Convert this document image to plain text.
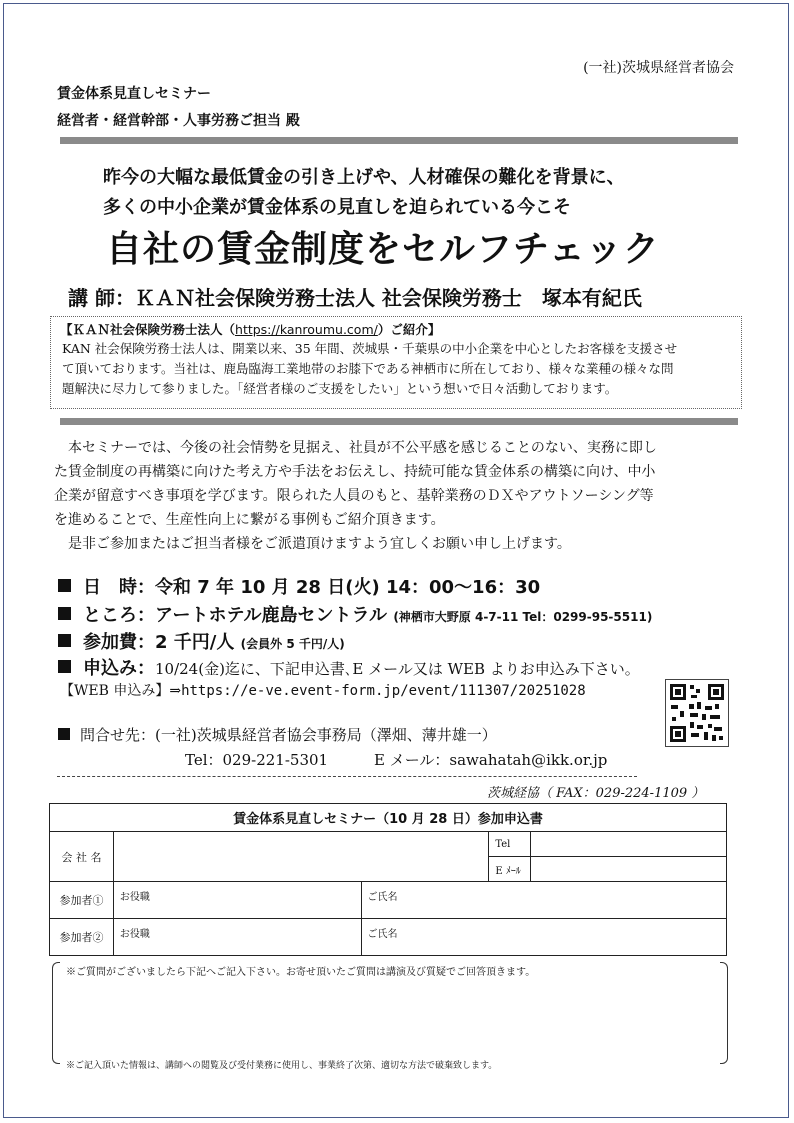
(一社)茨城県経営者協会
賃金体系見直しセミナー
経営者・経営幹部・人事労務ご担当 殿
昨今の大幅な最低賃金の引き上げや、人材確保の難化を背景に、
多くの中小企業が賃金体系の見直しを迫られている今こそ
自社の賃金制度をセルフチェック
講 師：ＫＡＮ社会保険労務士法人 社会保険労務士　塚本有紀氏
【ＫＡＮ社会保険労務士法人（https://kanroumu.com/）ご紹介】
KAN 社会保険労務士法人は、開業以来、35 年間、茨城県・千葉県の中小企業を中心としたお客様を支援させ
て頂いております。当社は、鹿島臨海工業地帯のお膝下である神栖市に所在しており、様々な業種の様々な問
題解決に尽力して参りました。「経営者様のご支援をしたい」という想いで日々活動しております。

　本セミナーでは、今後の社会情勢を見据え、社員が不公平感を感じることのない、実務に即し

た賃金制度の再構築に向けた考え方や手法をお伝えし、持続可能な賃金体系の構築に向け、中小

企業が留意すべき事項を学びます。限られた人員のもと、基幹業務のＤＸやアウトソーシング等

を進めることで、生産性向上に繋がる事例もご紹介頂きます。

　是非ご参加またはご担当者様をご派遣頂けますよう宜しくお願い申し上げます。

日　時：令和 7 年 10 月 28 日(火) 14：00〜16：30
ところ：アートホテル鹿島セントラル (神栖市大野原 4-7-11 Tel：0299-95-5511)
参加費：2 千円/人 (会員外 5 千円/人)
申込み：10/24(金)迄に、下記申込書､E メール又は WEB よりお申込み下さい。
【WEB 申込み】⇒https://e-ve.event-form.jp/event/111307/20251028
問合せ先：(一社)茨城県経営者協会事務局（澤畑、薄井雄一）
Tel：029-221-5301	E メール：sawahatah@ikk.or.jp
茨城経協（ FAX：029-224-1109 ）
賃金体系見直しセミナー（10 月 28 日）参加申込書				
会 社 名			Tel	
			E ﾒｰﾙ	
参加者①	お役職	ご氏名		
参加者②	お役職	ご氏名		
※ご質問がございましたら下記へご記入下さい。お寄せ頂いたご質問は講演及び質疑でご回答頂きます。
※ご記入頂いた情報は、講師への閲覧及び受付業務に使用し、事業終了次第、適切な方法で破棄致します。
